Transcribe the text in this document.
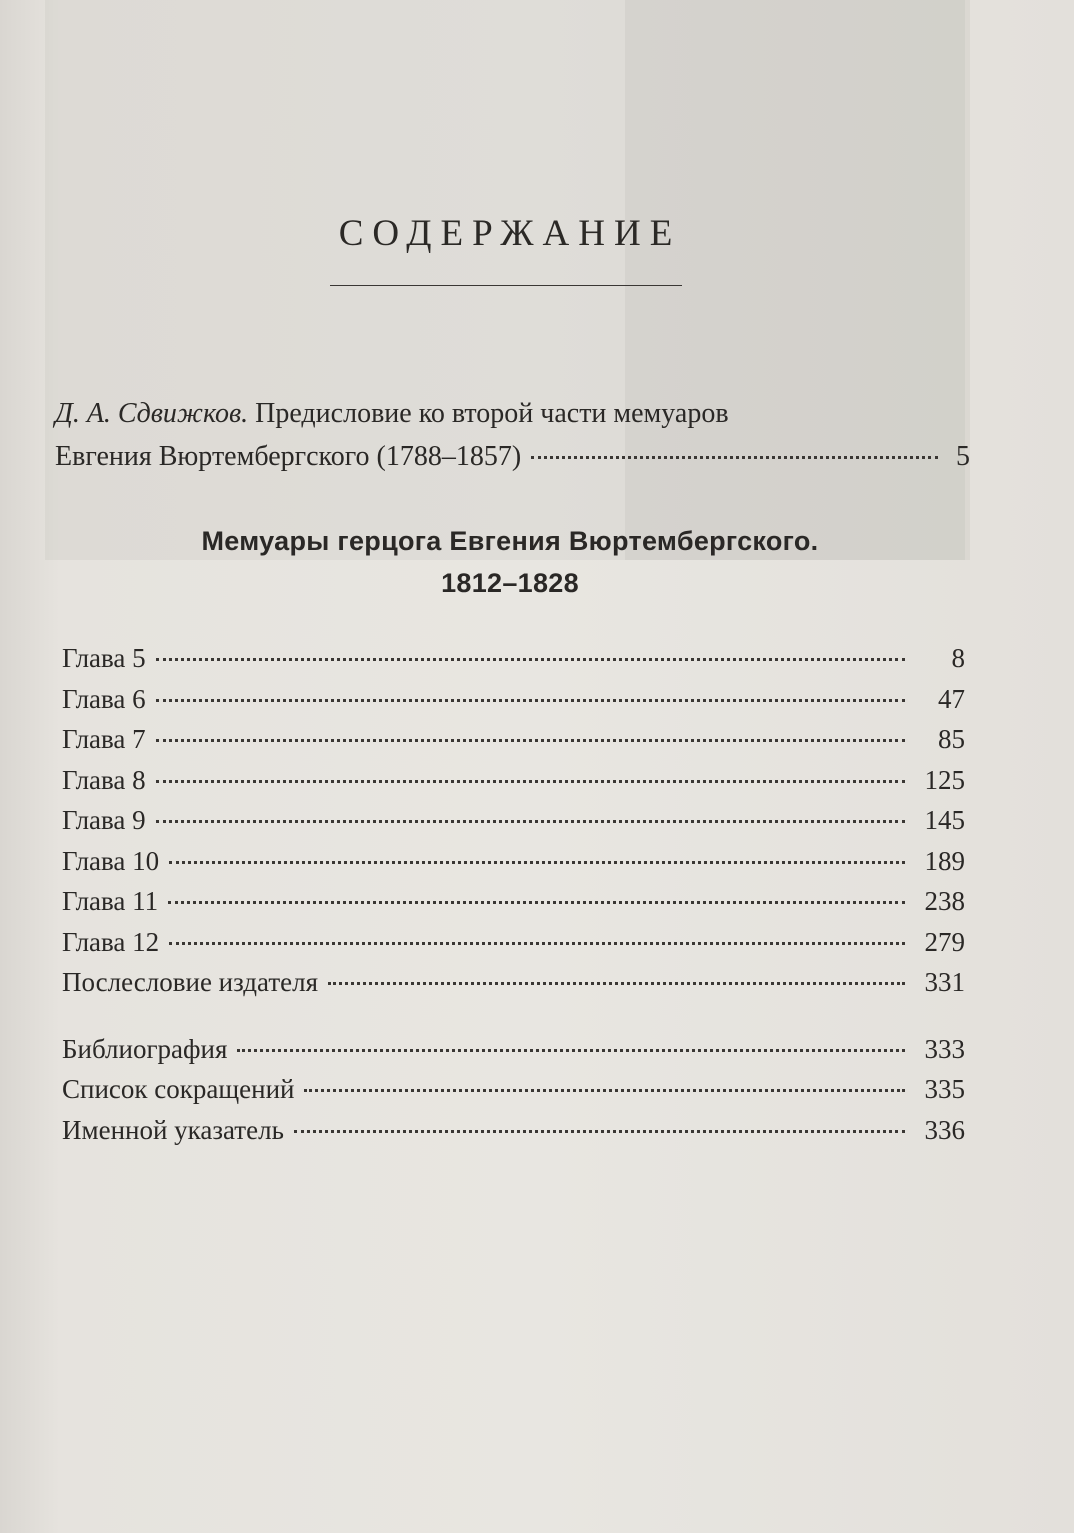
СОДЕРЖАНИЕ
Д. А. Сдвижков. Предисловие ко второй части мемуаров
Евгения Вюртембергского (1788–1857)	5
Мемуары герцога Евгения Вюртембергского.
1812–1828
Глава 5	8
Глава 6	47
Глава 7	85
Глава 8	125
Глава 9	145
Глава 10	189
Глава 11	238
Глава 12	279
Послесловие издателя	331
Библиография	333
Список сокращений	335
Именной указатель	336
